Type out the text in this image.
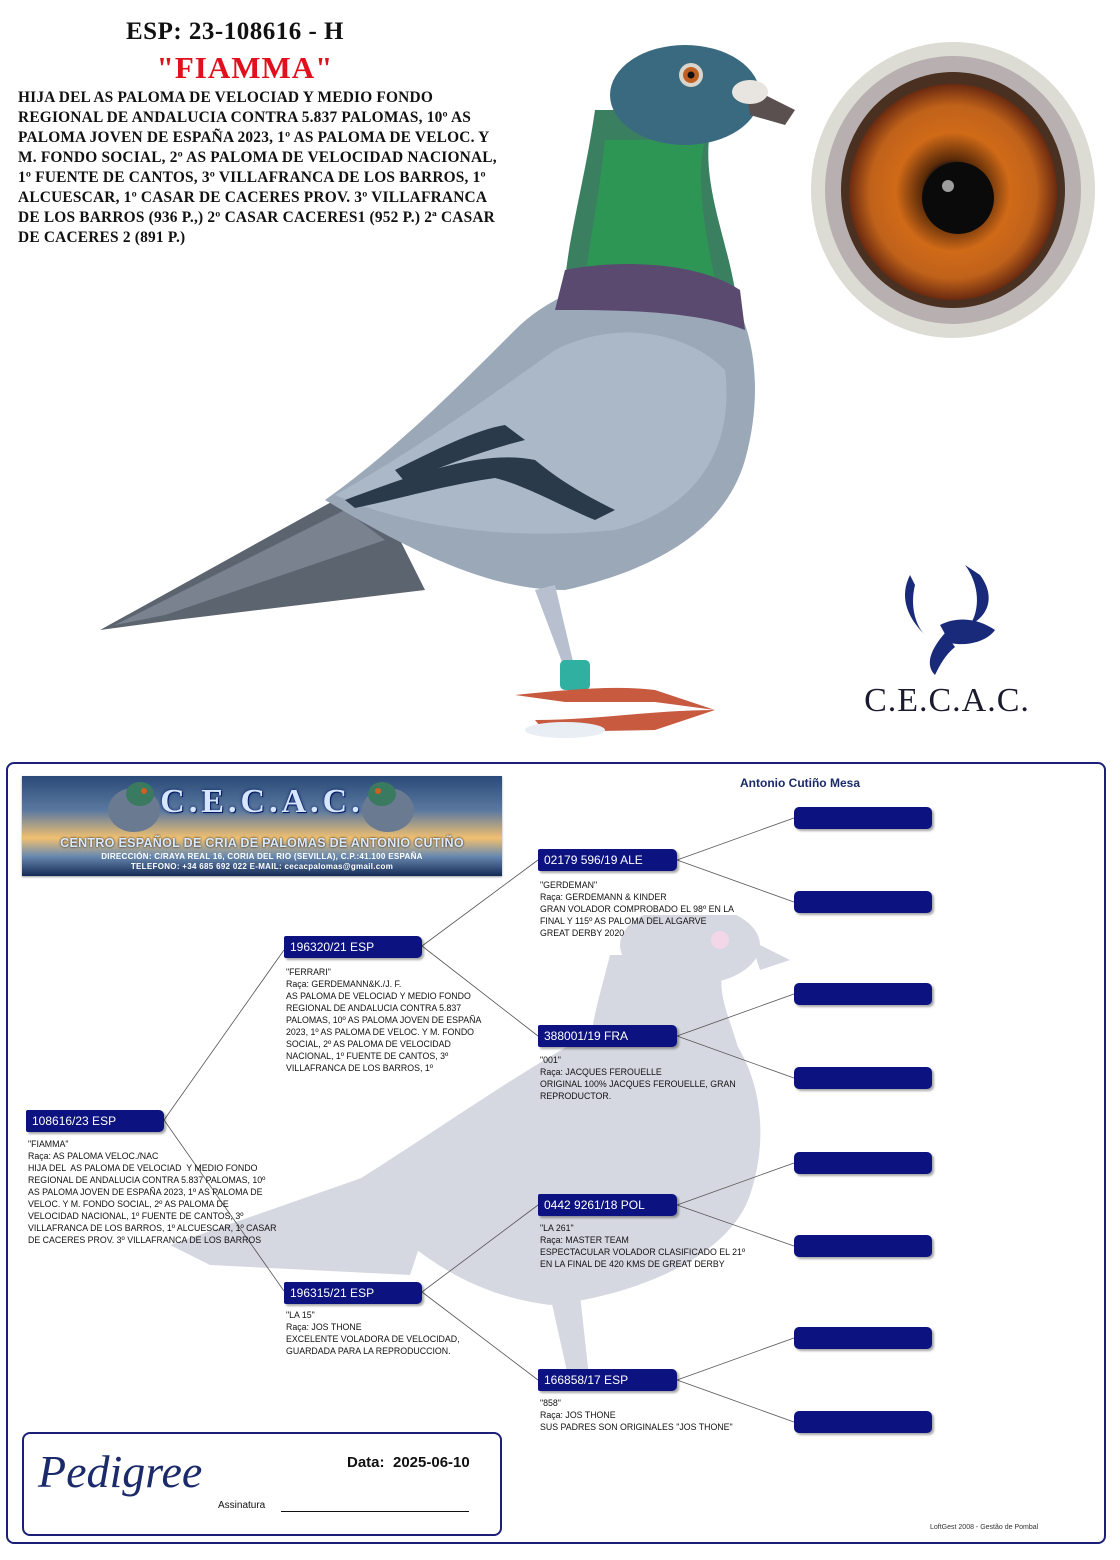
ESP: 23-108616 - H
"FIAMMA"
HIJA DEL AS PALOMA DE VELOCIAD Y MEDIO FONDO REGIONAL DE ANDALUCIA CONTRA 5.837 PALOMAS, 10º AS PALOMA JOVEN DE ESPAÑA 2023, 1º AS PALOMA DE VELOC. Y M. FONDO SOCIAL, 2º AS PALOMA DE VELOCIDAD NACIONAL, 1º FUENTE DE CANTOS, 3º VILLAFRANCA DE LOS BARROS, 1º ALCUESCAR, 1º CASAR DE CACERES PROV. 3º VILLAFRANCA DE LOS BARROS (936 P.,) 2º CASAR CACERES1 (952 P.) 2ª CASAR DE CACERES 2 (891 P.)
C.E.C.A.C.
C.E.C.A.C.
CENTRO ESPAÑOL DE CRIA DE PALOMAS DE ANTONIO CUTIÑO
DIRECCIÓN: C/RAYA REAL 16, CORIA DEL RIO (SEVILLA), C.P.:41.100 ESPAÑA
TELEFONO: +34 685 692 022 E-MAIL: cecacpalomas@gmail.com
Antonio Cutiño Mesa
108616/23 ESP
"FIAMMA"
Raça: AS PALOMA VELOC./NAC
HIJA DEL  AS PALOMA DE VELOCIAD  Y MEDIO FONDO
REGIONAL DE ANDALUCIA CONTRA 5.837 PALOMAS, 10º
AS PALOMA JOVEN DE ESPAÑA 2023, 1º AS PALOMA DE
VELOC. Y M. FONDO SOCIAL, 2º AS PALOMA DE
VELOCIDAD NACIONAL, 1º FUENTE DE CANTOS, 3º
VILLAFRANCA DE LOS BARROS, 1º ALCUESCAR, 1º CASAR
DE CACERES PROV. 3º VILLAFRANCA DE LOS BARROS
196320/21 ESP
"FERRARI"
Raça: GERDEMANN&K./J. F.
AS PALOMA DE VELOCIAD Y MEDIO FONDO
REGIONAL DE ANDALUCIA CONTRA 5.837
PALOMAS, 10º AS PALOMA JOVEN DE ESPAÑA
2023, 1º AS PALOMA DE VELOC. Y M. FONDO
SOCIAL, 2º AS PALOMA DE VELOCIDAD
NACIONAL, 1º FUENTE DE CANTOS, 3º
VILLAFRANCA DE LOS BARROS, 1º
196315/21 ESP
"LA 15"
Raça: JOS THONE
EXCELENTE VOLADORA DE VELOCIDAD,
GUARDADA PARA LA REPRODUCCION.
02179 596/19 ALE
"GERDEMAN"
Raça: GERDEMANN & KINDER
GRAN VOLADOR COMPROBADO EL 98º EN LA
FINAL Y 115º AS PALOMA DEL ALGARVE
GREAT DERBY 2020
388001/19 FRA
"001"
Raça: JACQUES FEROUELLE
ORIGINAL 100% JACQUES FEROUELLE, GRAN
REPRODUCTOR.
0442 9261/18 POL
"LA 261"
Raça: MASTER TEAM
ESPECTACULAR VOLADOR CLASIFICADO EL 21º
EN LA FINAL DE 420 KMS DE GREAT DERBY
166858/17 ESP
"858"
Raça: JOS THONE
SUS PADRES SON ORIGINALES "JOS THONE"
Pedigree	Data: 2025-06-10
Assinatura
LoftGest 2008 - Gestão de Pombal
